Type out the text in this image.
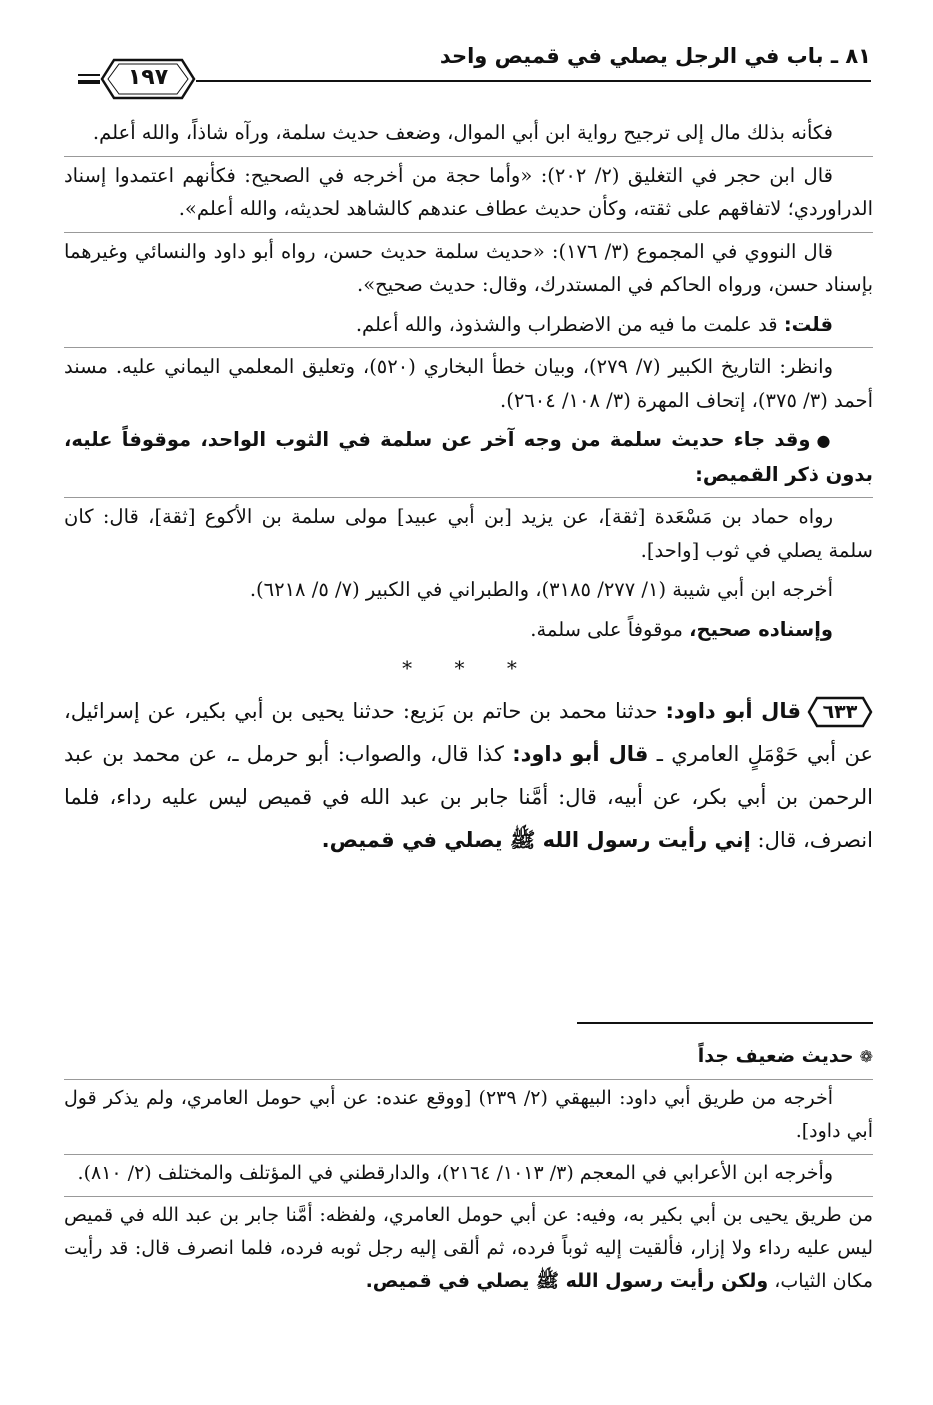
٨١ ـ باب في الرجل يصلي في قميص واحد
١٩٧

فكأنه بذلك مال إلى ترجيح رواية ابن أبي الموال، وضعف حديث سلمة، ورآه شاذاً، والله أعلم.

قال ابن حجر في التغليق (٢/ ٢٠٢): «وأما حجة من أخرجه في الصحيح: فكأنهم اعتمدوا إسناد الدراوردي؛ لاتفاقهم على ثقته، وكأن حديث عطاف عندهم كالشاهد لحديثه، والله أعلم».

قال النووي في المجموع (٣/ ١٧٦): «حديث سلمة حديث حسن، رواه أبو داود والنسائي وغيرهما بإسناد حسن، ورواه الحاكم في المستدرك، وقال: حديث صحيح».

قلت: قد علمت ما فيه من الاضطراب والشذوذ، والله أعلم.

وانظر: التاريخ الكبير (٧/ ٢٧٩)، وبيان خطأ البخاري (٥٢٠)، وتعليق المعلمي اليماني عليه. مسند أحمد (٣/ ٣٧٥)، إتحاف المهرة (٣/ ١٠٨/ ٢٦٠٤).

●وقد جاء حديث سلمة من وجه آخر عن سلمة في الثوب الواحد، موقوفاً عليه، بدون ذكر القميص:

رواه حماد بن مَسْعَدة [ثقة]، عن يزيد [بن أبي عبيد] مولى سلمة بن الأكوع [ثقة]، قال: كان سلمة يصلي في ثوب [واحد].

أخرجه ابن أبي شيبة (١/ ٢٧٧/ ٣١٨٥)، والطبراني في الكبير (٧/ ٥/ ٦٢١٨).

وإسناده صحيح، موقوفاً على سلمة.

* * *
٦٣٣
قال أبو داود: حدثنا محمد بن حاتم بن بَزيع: حدثنا يحيى بن أبي بكير، عن إسرائيل، عن أبي حَوْمَلٍ العامري ـ قال أبو داود: كذا قال، والصواب: أبو حرمل ـ، عن محمد بن عبد الرحمن بن أبي بكر، عن أبيه، قال: أمَّنا جابر بن عبد الله في قميص ليس عليه رداء، فلما انصرف، قال: إني رأيت رسول الله ﷺ يصلي في قميص.

❁حديث ضعيف جداً

أخرجه من طريق أبي داود: البيهقي (٢/ ٢٣٩) [ووقع عنده: عن أبي حومل العامري، ولم يذكر قول أبي داود].

وأخرجه ابن الأعرابي في المعجم (٣/ ١٠١٣/ ٢١٦٤)، والدارقطني في المؤتلف والمختلف (٢/ ٨١٠).

من طريق يحيى بن أبي بكير به، وفيه: عن أبي حومل العامري، ولفظه: أمَّنا جابر بن عبد الله في قميص ليس عليه رداء ولا إزار، فألقيت إليه ثوباً فرده، ثم ألقى إليه رجل ثوبه فرده، فلما انصرف قال: قد رأيت مكان الثياب، ولكن رأيت رسول الله ﷺ يصلي في قميص.
